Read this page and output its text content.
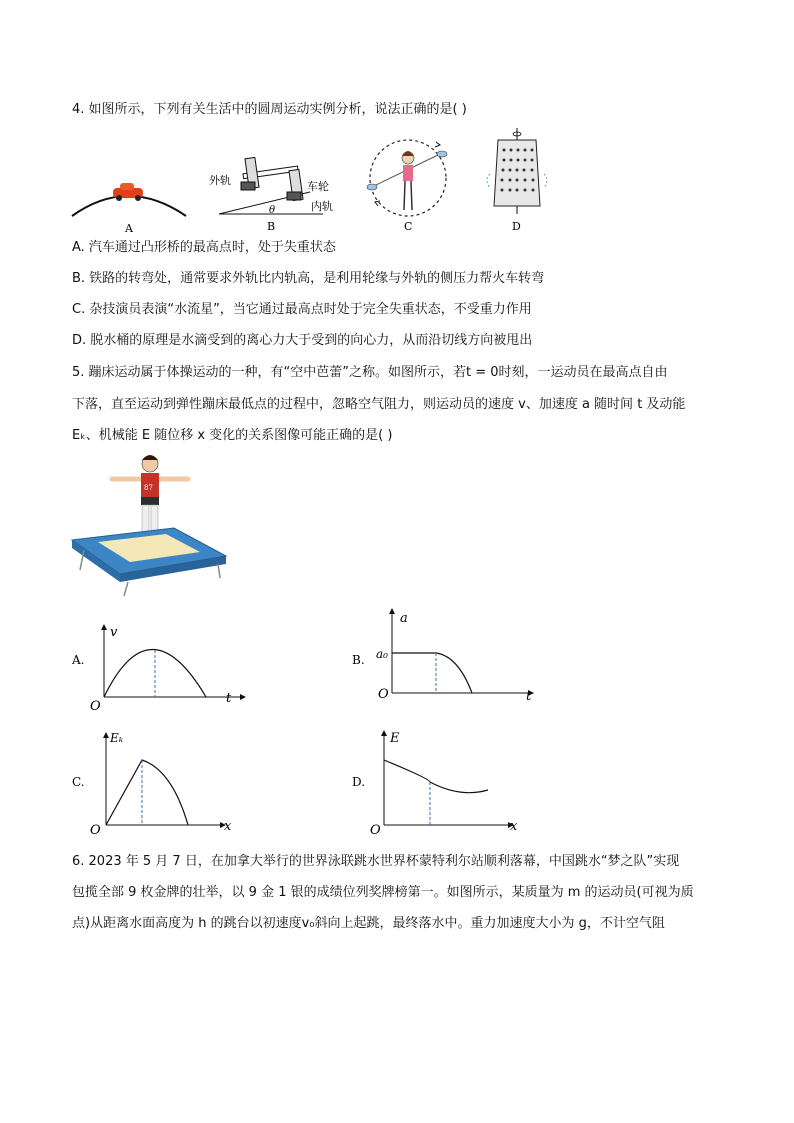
4. 如图所示，下列有关生活中的圆周运动实例分析，说法正确的是( )
A
外轨	车轮
内轨
θ
B	C	D
A. 汽车通过凸形桥的最高点时，处于失重状态
B. 铁路的转弯处，通常要求外轨比内轨高，是利用轮缘与外轨的侧压力帮火车转弯
C. 杂技演员表演“水流星”，当它通过最高点时处于完全失重状态，不受重力作用
D. 脱水桶的原理是水滴受到的离心力大于受到的向心力，从而沿切线方向被甩出
5. 蹦床运动属于体操运动的一种，有“空中芭蕾”之称。如图所示，若t = 0时刻，一运动员在最高点自由
下落，直至运动到弹性蹦床最低点的过程中，忽略空气阻力，则运动员的速度 v、加速度 a 随时间 t 及动能
Eₖ、机械能 E 随位移 x 变化的关系图像可能正确的是( )
87
A.
v
t
O
B.
a
a₀
t
O
C.
Eₖ
x
O
D.
E
x
O
6. 2023 年 5 月 7 日，在加拿大举行的世界泳联跳水世界杯蒙特利尔站顺利落幕，中国跳水“梦之队”实现
包揽全部 9 枚金牌的壮举，以 9 金 1 银的成绩位列奖牌榜第一。如图所示，某质量为 m 的运动员(可视为质
点)从距离水面高度为 h 的跳台以初速度v₀斜向上起跳，最终落水中。重力加速度大小为 g，不计空气阻
